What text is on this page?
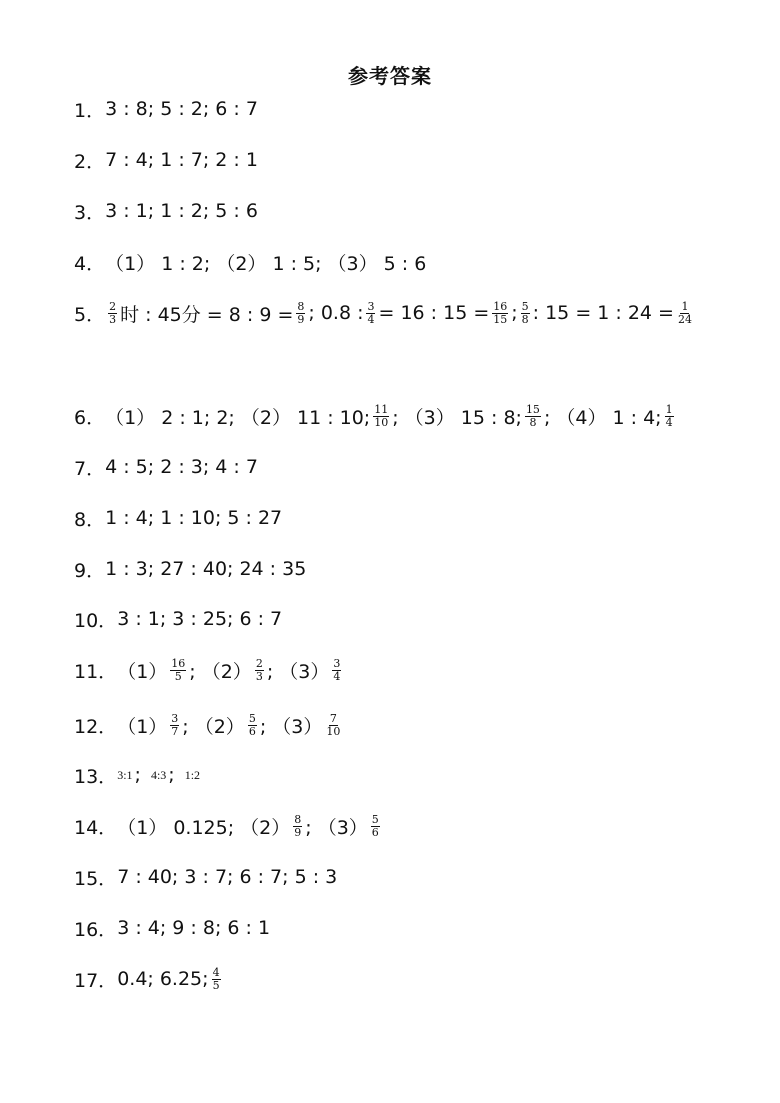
参考答案
1． 3 : 8; 5 : 2; 6 : 7
2． 7 : 4; 1 : 7; 2 : 1
3． 3 : 1; 1 : 2; 5 : 6
4． （1） 1 : 2; （2） 1 : 5; （3） 5 : 6
5． $\frac{2}{3}$ 时 : 45分 = 8 : $9 = \frac{8}{9}$ ; 0.8 : $\frac{3}{4} = 16$ : $15 = \frac{16}{15}$ ; $\frac{5}{8}$ : 15 = 1 : $24 = \frac{1}{24}$
6． （1） 2 : 1; 2; （2） 11 : 10; $\frac{11}{10}$ ; （3） 15 : 8; $\frac{15}{8}$ ; （4） 1 : 4; $\frac{1}{4}$
7． 4 : 5; 2 : 3; 4 : 7
8． 1 : 4; 1 : 10; 5 : 27
9． 1 : 3; 27 : 40; 24 : 35
10． 3 : 1; 3 : 25; 6 : 7
11． $(1) \frac{16}{5}$ ; $(2) \frac{2}{3}$ ; $(3) \frac{3}{4}$
12． $(1) \frac{3}{7}$ ; $(2) \frac{5}{6}$ ; $(3) \frac{7}{10}$
13． 3:1 ; 4:3 ; 1:2
14． （1） 0.125; $(2) \frac{8}{9}$ ; $(3) \frac{5}{6}$
15． 7 : 40; 3 : 7; 6 : 7; 5 : 3
16． 3 : 4; 9 : 8; 6 : 1
17． 0.4; 6.25; $\frac{4}{5}$
